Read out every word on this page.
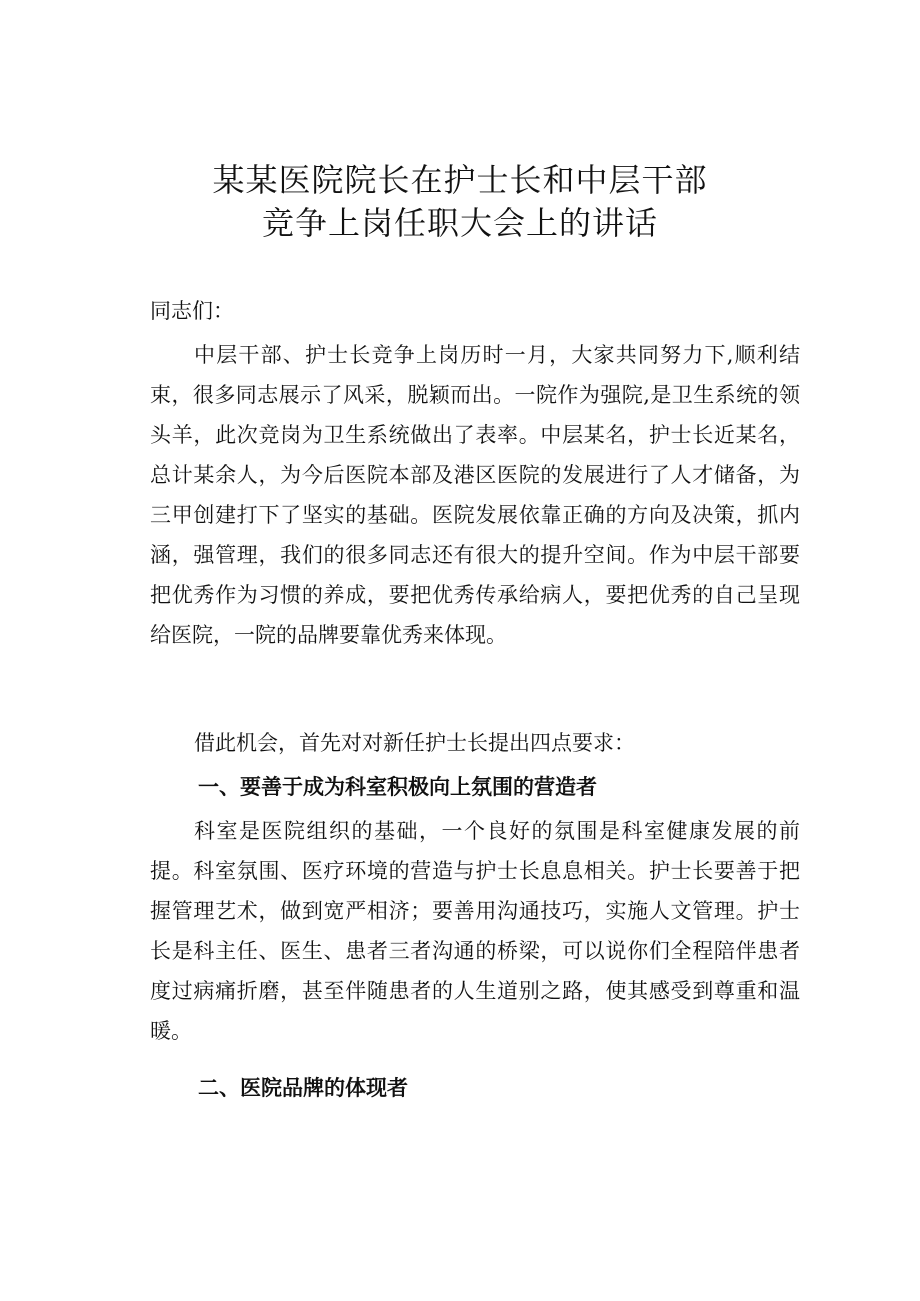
某某医院院长在护士长和中层干部
竞争上岗任职大会上的讲话

同志们：

中层干部、护士长竞争上岗历时一月，大家共同努力下,顺利结束，很多同志展示了风采，脱颖而出。一院作为强院,是卫生系统的领头羊，此次竞岗为卫生系统做出了表率。中层某名，护士长近某名，总计某余人，为今后医院本部及港区医院的发展进行了人才储备，为三甲创建打下了坚实的基础。医院发展依靠正确的方向及决策，抓内涵，强管理，我们的很多同志还有很大的提升空间。作为中层干部要把优秀作为习惯的养成，要把优秀传承给病人，要把优秀的自己呈现给医院，一院的品牌要靠优秀来体现。

借此机会，首先对对新任护士长提出四点要求：

一、要善于成为科室积极向上氛围的营造者

科室是医院组织的基础，一个良好的氛围是科室健康发展的前提。科室氛围、医疗环境的营造与护士长息息相关。护士长要善于把握管理艺术，做到宽严相济；要善用沟通技巧，实施人文管理。护士长是科主任、医生、患者三者沟通的桥梁，可以说你们全程陪伴患者度过病痛折磨，甚至伴随患者的人生道别之路，使其感受到尊重和温暖。

二、医院品牌的体现者
